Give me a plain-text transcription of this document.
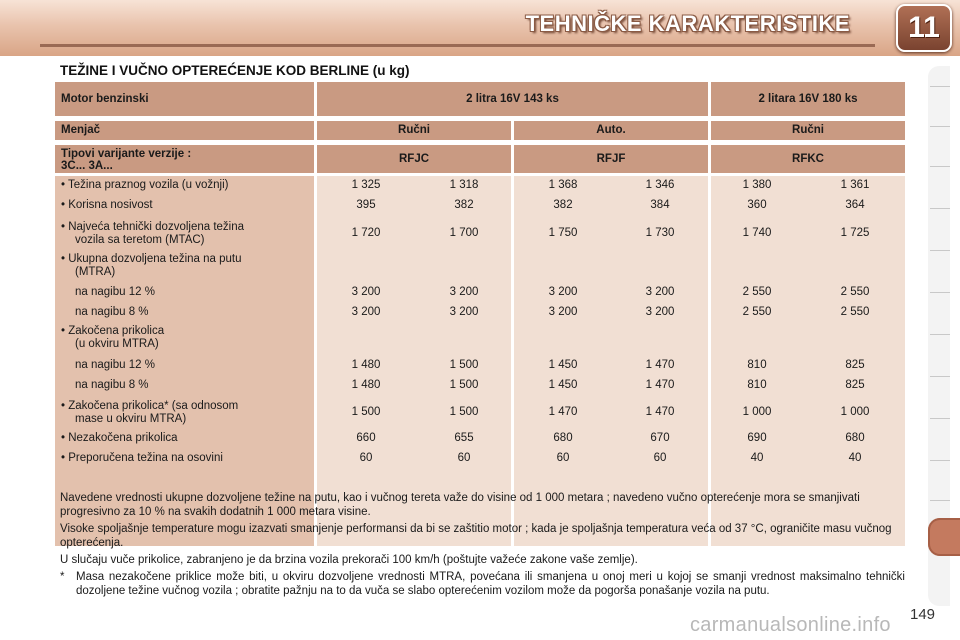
TEHNIČKE KARAKTERISTIKE	11
TEŽINE I VUČNO OPTEREĆENJE KOD BERLINE (u kg)
Motor benzinski	2 litra 16V 143 ks	2 litara 16V 180 ks
Menjač	Ručni	Auto.	Ručni
Tipovi varijante verzije :
3C... 3A...
RFJC	RFJF	RFKC
• Težina praznog vozila (u vožnji)	1 325	1 318	1 368	1 346	1 380	1 361
• Korisna nosivost	395	382	382	384	360	364
• Najveća tehnički dozvoljena težina
vozila sa teretom (MTAC)
1 720	1 700	1 750	1 730	1 740	1 725
• Ukupna dozvoljena težina na putu
(MTRA)
na nagibu 12 %	3 200	3 200	3 200	3 200	2 550	2 550
na nagibu 8 %	3 200	3 200	3 200	3 200	2 550	2 550
• Zakočena prikolica
(u okviru MTRA)
na nagibu 12 %	1 480	1 500	1 450	1 470	810	825
na nagibu 8 %	1 480	1 500	1 450	1 470	810	825
• Zakočena prikolica* (sa odnosom
mase u okviru MTRA)
1 500	1 500	1 470	1 470	1 000	1 000
• Nezakočena prikolica	660	655	680	670	690	680
• Preporučena težina na osovini	60	60	60	60	40	40

Navedene vrednosti ukupne dozvoljene težine na putu, kao i vučnog tereta važe do visine od 1 000 metara ; navedeno vučno opterećenje mora se smanjivati progresivno za 10 % na svakih dodatnih 1 000 metara visine.

Visoke spoljašnje temperature mogu izazvati smanjenje performansi da bi se zaštitio motor ; kada je spoljašnja temperatura veća od 37 °C, ograničite masu vučnog opterećenja.

U slučaju vuče prikolice, zabranjeno je da brzina vozila prekorači 100 km/h (poštujte važeće zakone vaše zemlje).

*	Masa nezakočene priklice može biti, u okviru dozvoljene vrednosti MTRA, povećana ili smanjena u onoj meri u kojoj se smanji vrednost maksimalno tehnički dozoljene težine vučnog vozila ; obratite pažnju na to da vuča se slabo opterećenim vozilom može da pogorša ponašanje vozila na putu.
149
carmanualsonline.info
